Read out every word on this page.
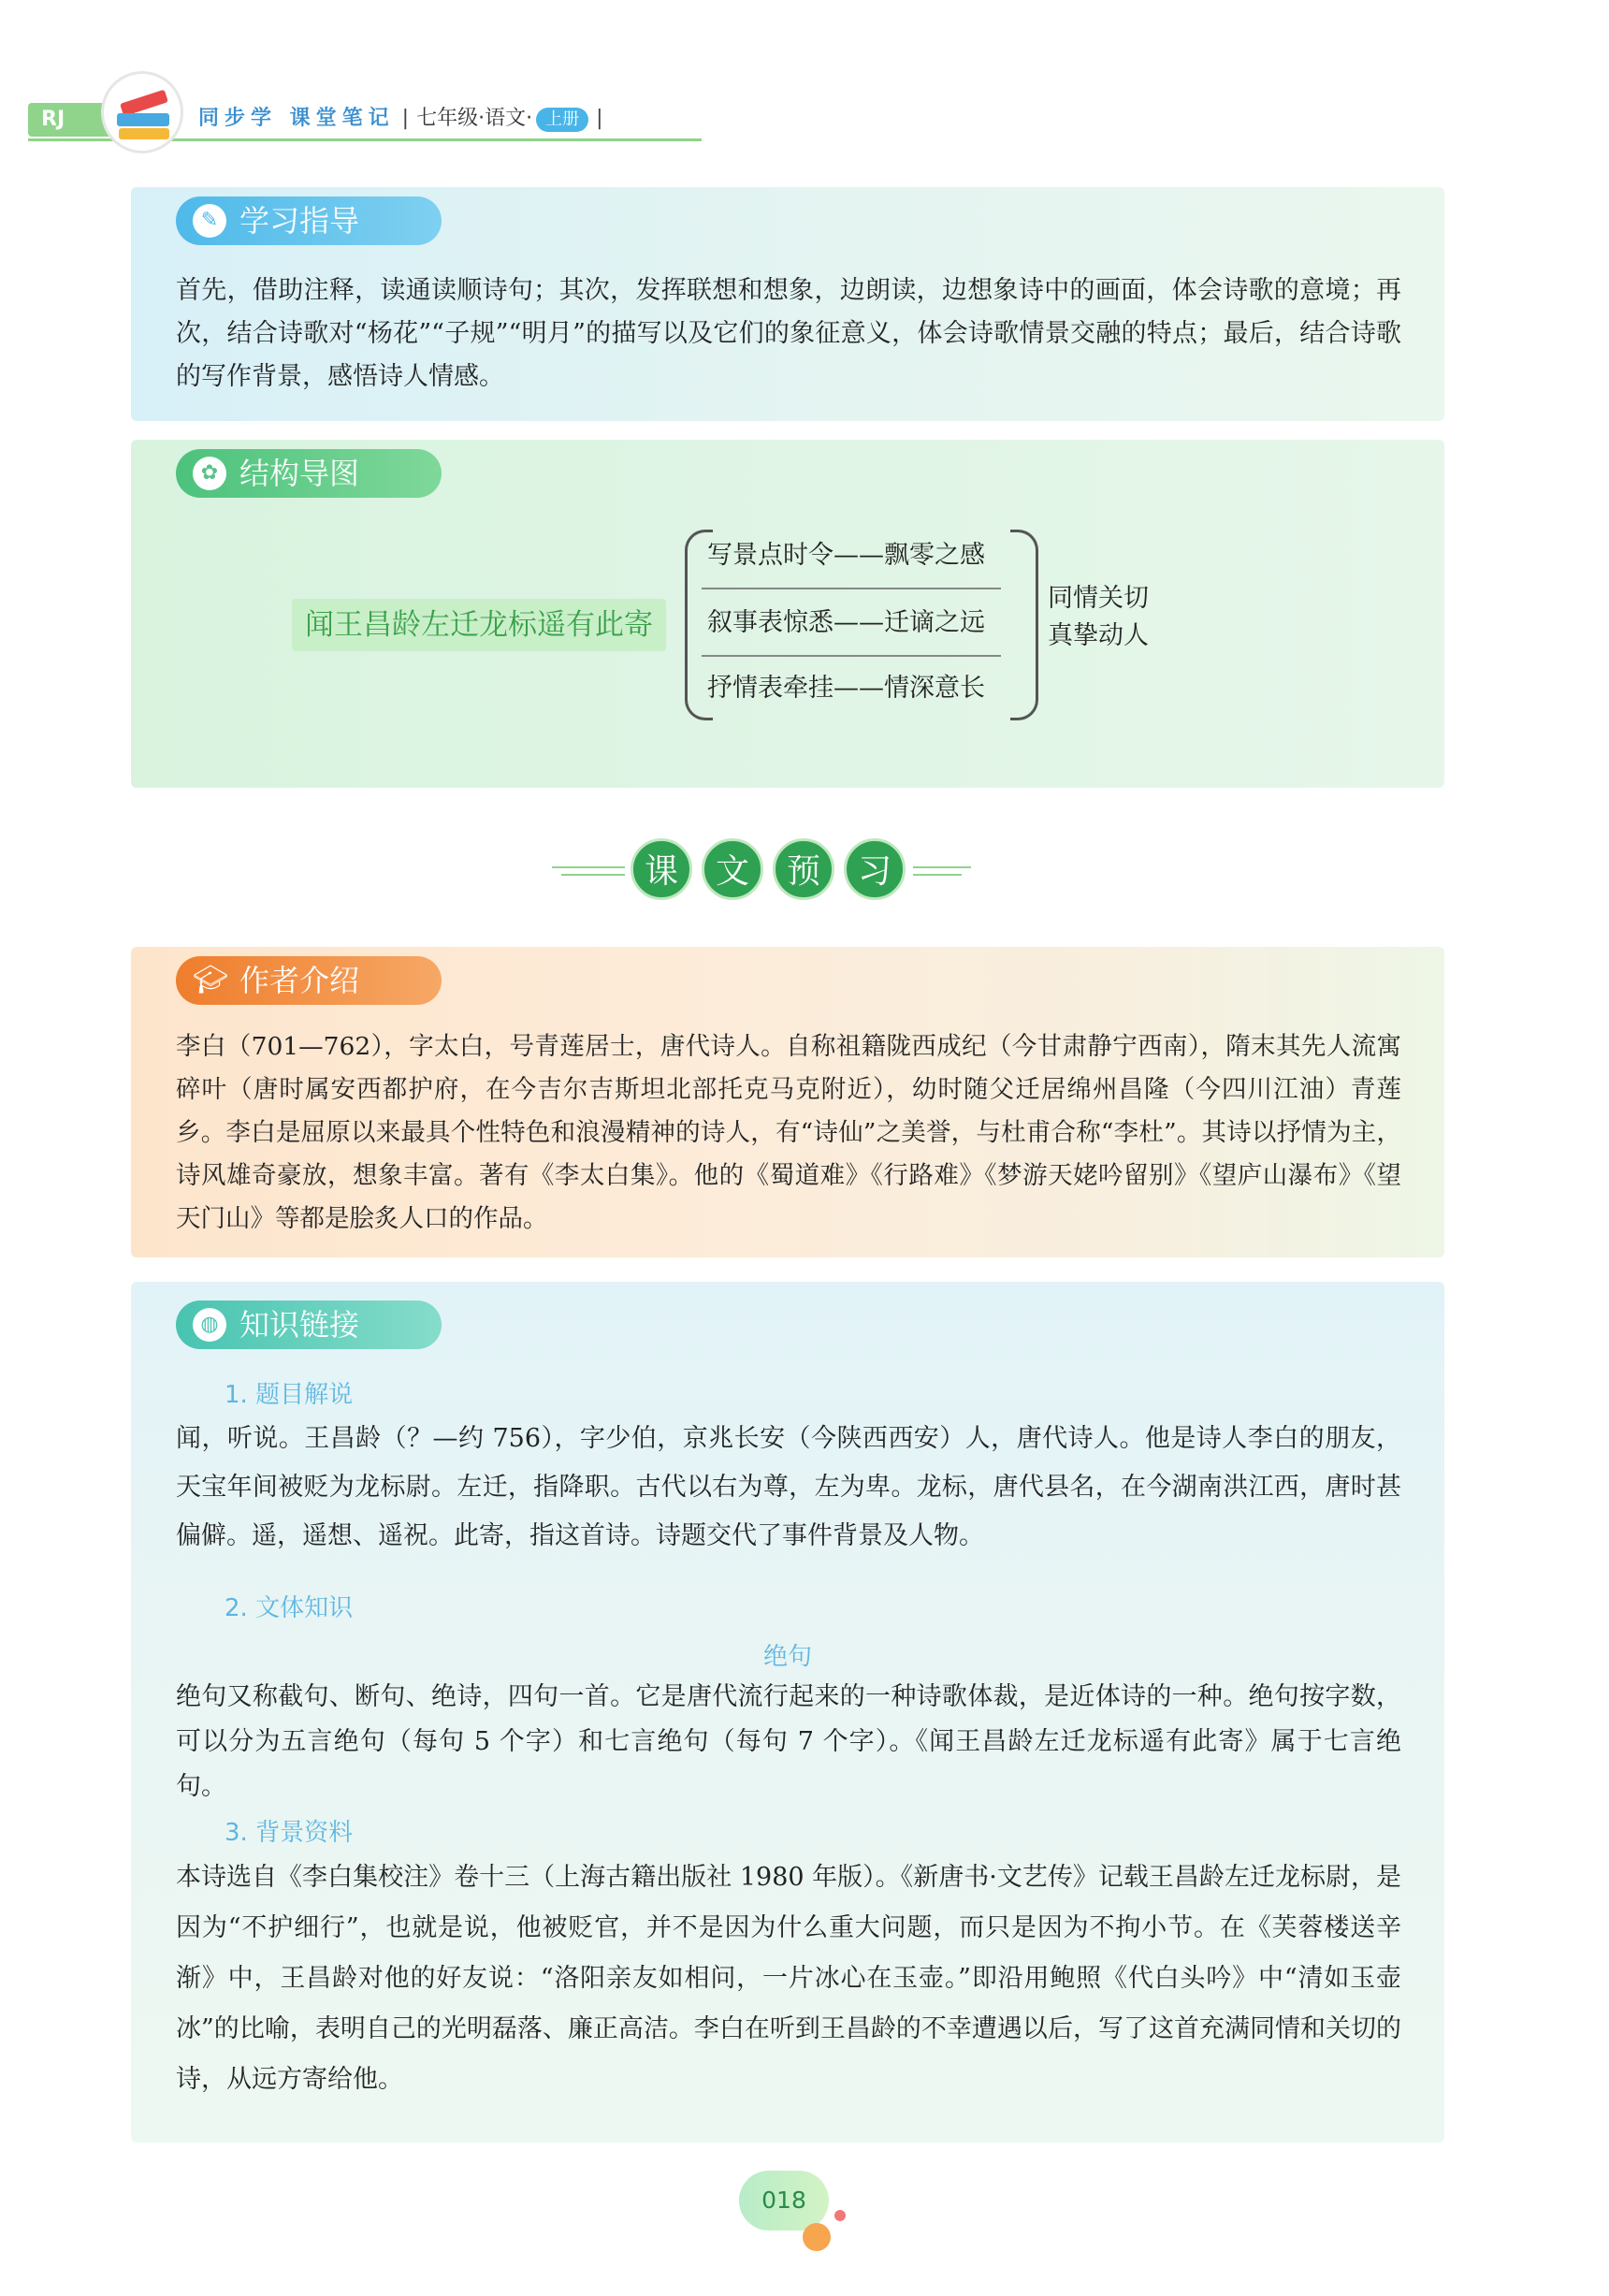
RJ	同步学 课堂笔记 | 七年级·语文· 上册 |
✎ 学习指导
首先，借助注释，读通读顺诗句；其次，发挥联想和想象，边朗读，边想象诗中的画面，体会诗歌的意境；再次，结合诗歌对“杨花”“子规”“明月”的描写以及它们的象征意义，体会诗歌情景交融的特点；最后，结合诗歌的写作背景，感悟诗人情感。
✿ 结构导图
闻王昌龄左迁龙标遥有此寄
写景点时令——飘零之感
叙事表惊悉——迁谪之远
抒情表牵挂——情深意长
同情关切
真挚动人
课	文	预	习
🎓︎ 作者介绍
李白（701—762），字太白，号青莲居士，唐代诗人。自称祖籍陇西成纪（今甘肃静宁西南），隋末其先人流寓碎叶（唐时属安西都护府，在今吉尔吉斯坦北部托克马克附近），幼时随父迁居绵州昌隆（今四川江油）青莲乡。李白是屈原以来最具个性特色和浪漫精神的诗人，有“诗仙”之美誉，与杜甫合称“李杜”。其诗以抒情为主，诗风雄奇豪放，想象丰富。著有《李太白集》。他的《蜀道难》《行路难》《梦游天姥吟留别》《望庐山瀑布》《望天门山》等都是脍炙人口的作品。
◍ 知识链接
1. 题目解说
闻，听说。王昌龄（？—约 756），字少伯，京兆长安（今陕西西安）人，唐代诗人。他是诗人李白的朋友，天宝年间被贬为龙标尉。左迁，指降职。古代以右为尊，左为卑。龙标，唐代县名，在今湖南洪江西，唐时甚偏僻。遥，遥想、遥祝。此寄，指这首诗。诗题交代了事件背景及人物。
2. 文体知识
绝句
绝句又称截句、断句、绝诗，四句一首。它是唐代流行起来的一种诗歌体裁，是近体诗的一种。绝句按字数，可以分为五言绝句（每句 5 个字）和七言绝句（每句 7 个字）。《闻王昌龄左迁龙标遥有此寄》属于七言绝句。
3. 背景资料
本诗选自《李白集校注》卷十三（上海古籍出版社 1980 年版）。《新唐书·文艺传》记载王昌龄左迁龙标尉，是因为“不护细行”，也就是说，他被贬官，并不是因为什么重大问题，而只是因为不拘小节。在《芙蓉楼送辛渐》中，王昌龄对他的好友说：“洛阳亲友如相问，一片冰心在玉壶。”即沿用鲍照《代白头吟》中“清如玉壶冰”的比喻，表明自己的光明磊落、廉正高洁。李白在听到王昌龄的不幸遭遇以后，写了这首充满同情和关切的诗，从远方寄给他。
018
